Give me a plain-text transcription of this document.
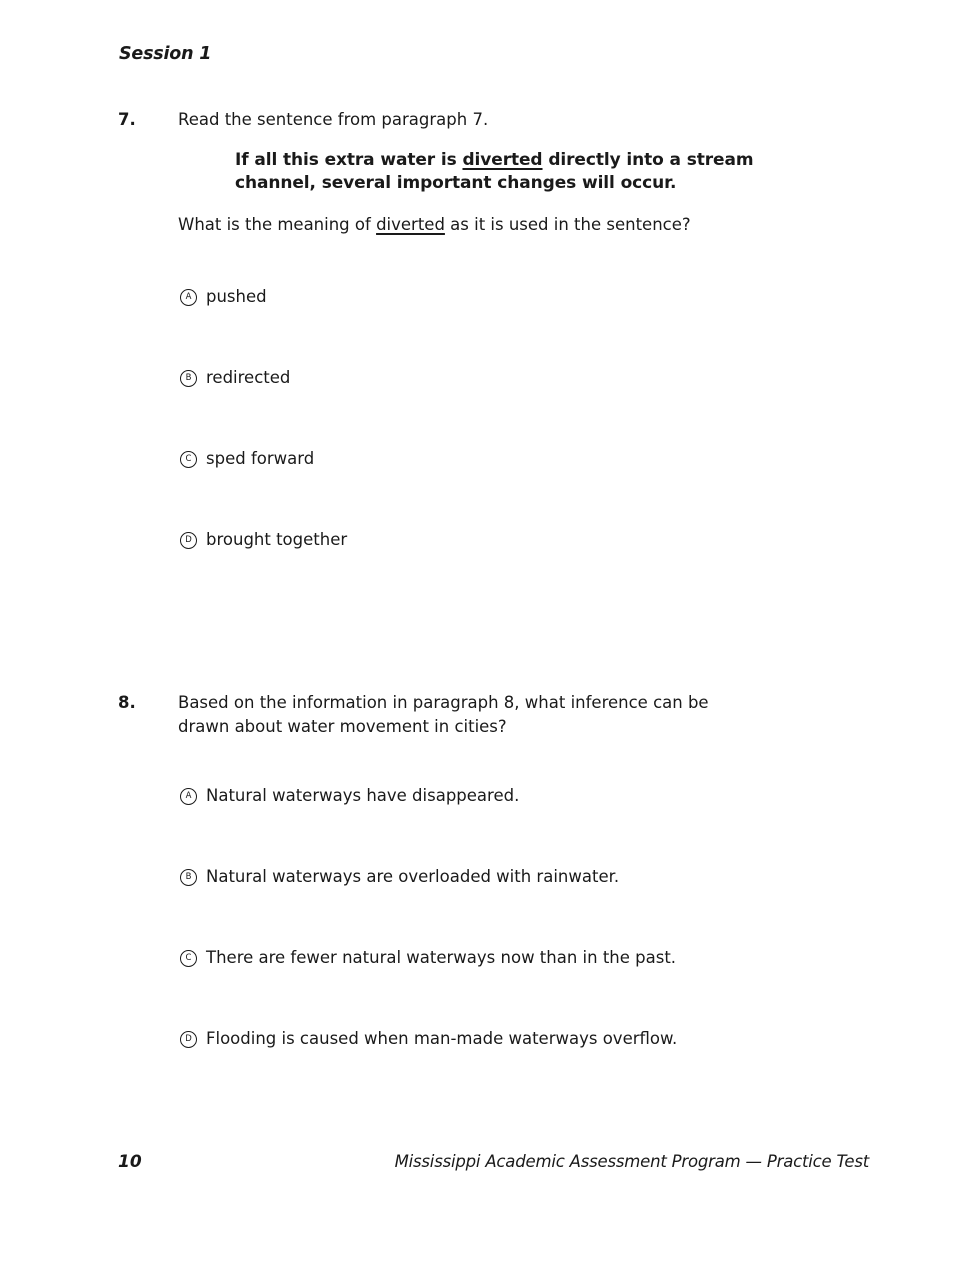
Session 1
7.	Read the sentence from paragraph 7.
If all this extra water is diverted directly into a stream
channel, several important changes will occur.
What is the meaning of diverted as it is used in the sentence?
A pushed
B redirected
C sped forward
D brought together
8.	Based on the information in paragraph 8, what inference can be
drawn about water movement in cities?
A Natural waterways have disappeared.
B Natural waterways are overloaded with rainwater.
C There are fewer natural waterways now than in the past.
D Flooding is caused when man-made waterways overflow.
10	Mississippi Academic Assessment Program — Practice Test
